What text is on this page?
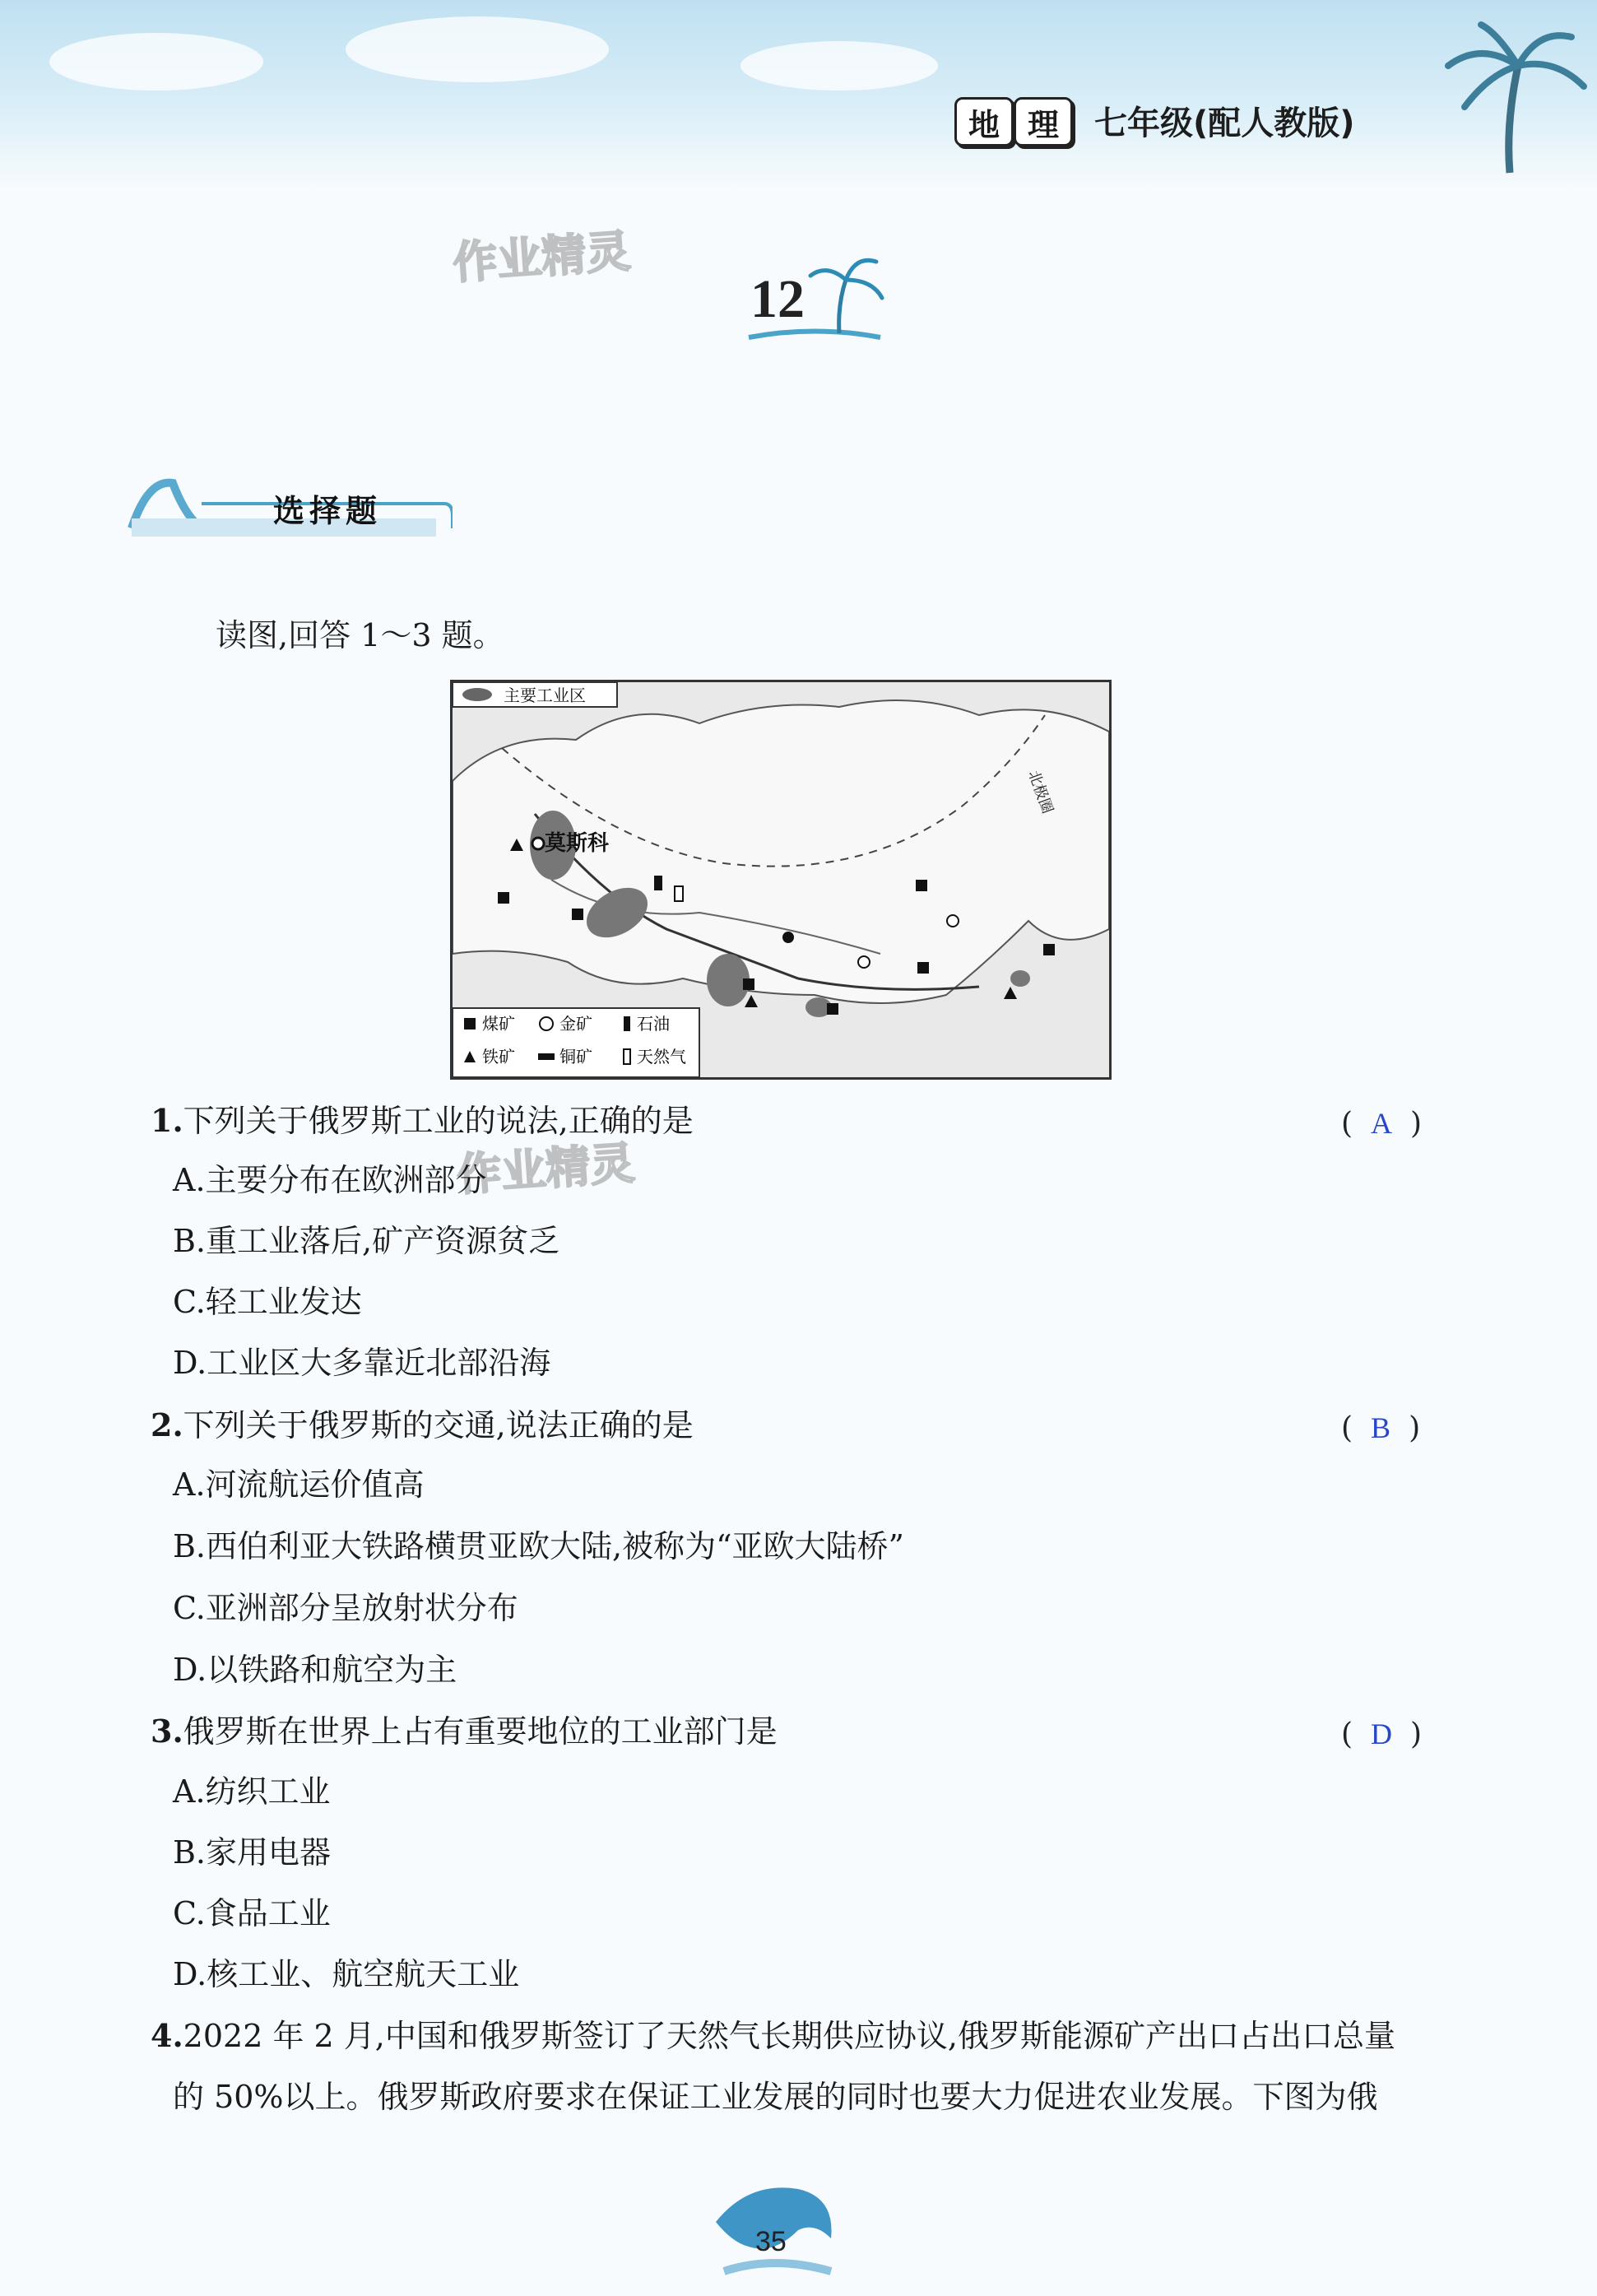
地 理	七年级(配人教版)
作业精灵
作业精灵
12
选择题
读图,回答 1～3 题。
主要工业区
莫斯科
北极圈
煤矿	金矿	石油
铁矿	铜矿	天然气
1.下列关于俄罗斯工业的说法,正确的是	( A )
A.主要分布在欧洲部分
B.重工业落后,矿产资源贫乏
C.轻工业发达
D.工业区大多靠近北部沿海
2.下列关于俄罗斯的交通,说法正确的是	( B )
A.河流航运价值高
B.西伯利亚大铁路横贯亚欧大陆,被称为“亚欧大陆桥”
C.亚洲部分呈放射状分布
D.以铁路和航空为主
3.俄罗斯在世界上占有重要地位的工业部门是	( D )
A.纺织工业
B.家用电器
C.食品工业
D.核工业、航空航天工业
4.2022 年 2 月,中国和俄罗斯签订了天然气长期供应协议,俄罗斯能源矿产出口占出口总量
的 50%以上。俄罗斯政府要求在保证工业发展的同时也要大力促进农业发展。下图为俄
35
